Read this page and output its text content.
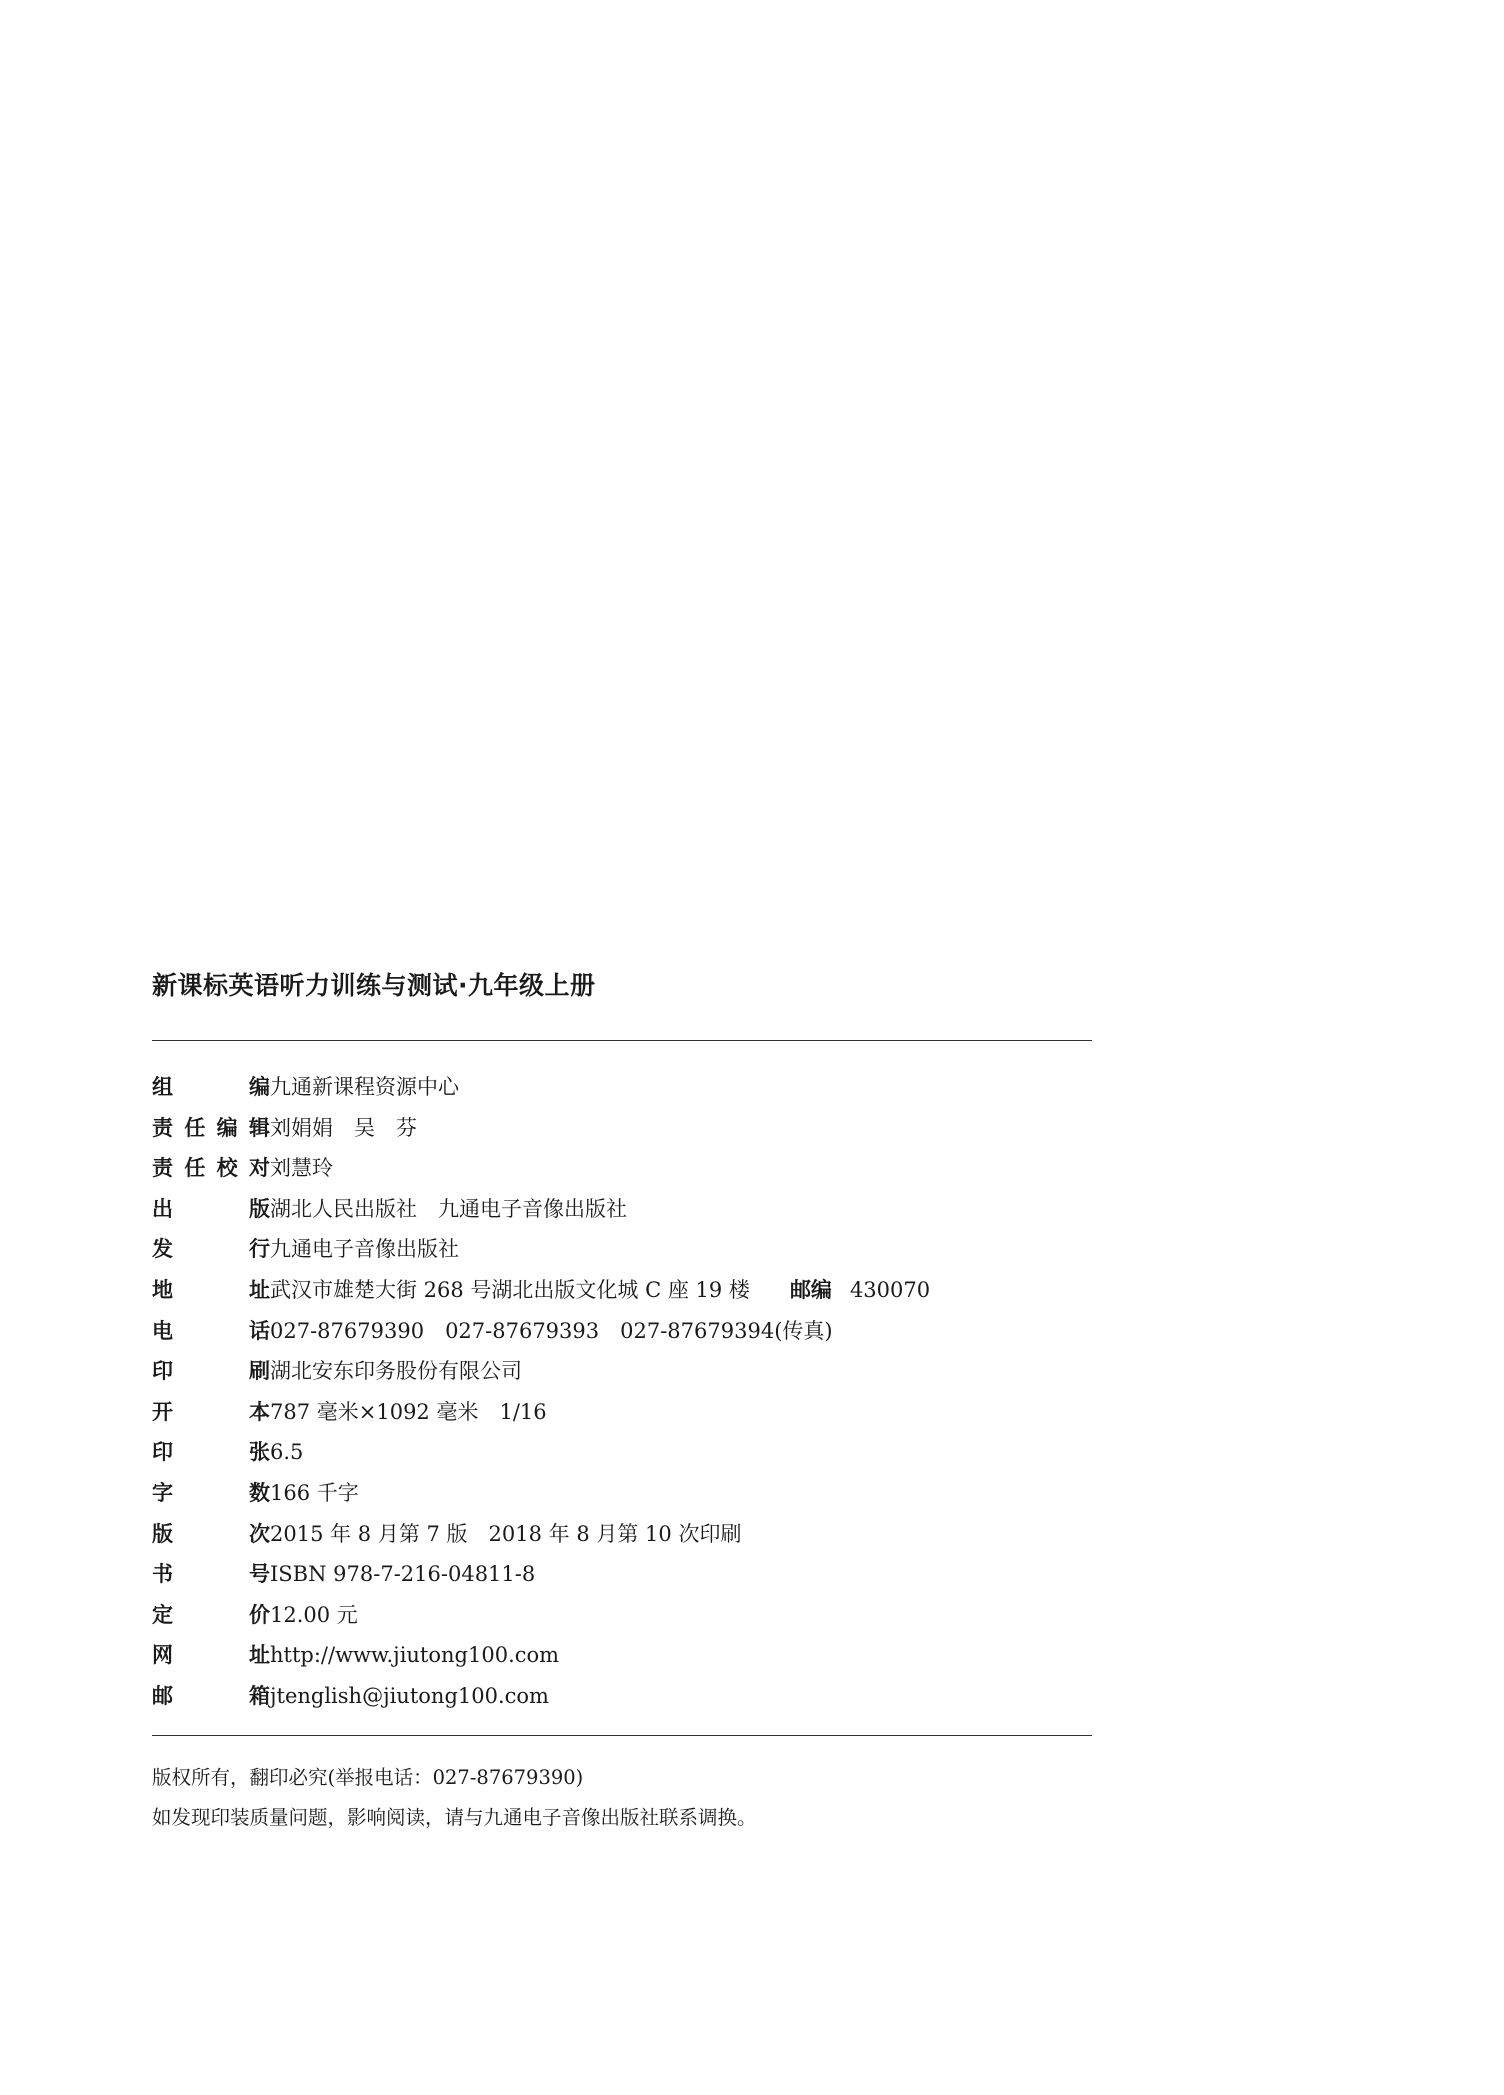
新课标英语听力训练与测试·九年级上册
组	编 九通新课程资源中心
责 任 编 辑 刘娟娟　吴　芬
责 任 校 对 刘慧玲
出	版 湖北人民出版社　九通电子音像出版社
发	行 九通电子音像出版社
地	址 武汉市雄楚大街 268 号湖北出版文化城 C 座 19 楼 邮编 430070
电	话 027-87679390　027-87679393　027-87679394(传真)
印	刷 湖北安东印务股份有限公司
开	本 787 毫米×1092 毫米　1/16
印	张 6.5
字	数 166 千字
版	次 2015 年 8 月第 7 版　2018 年 8 月第 10 次印刷
书	号 ISBN 978-7-216-04811-8
定	价 12.00 元
网	址 http://www.jiutong100.com
邮	箱 jtenglish@jiutong100.com
版权所有，翻印必究(举报电话：027-87679390)
如发现印装质量问题，影响阅读，请与九通电子音像出版社联系调换。
